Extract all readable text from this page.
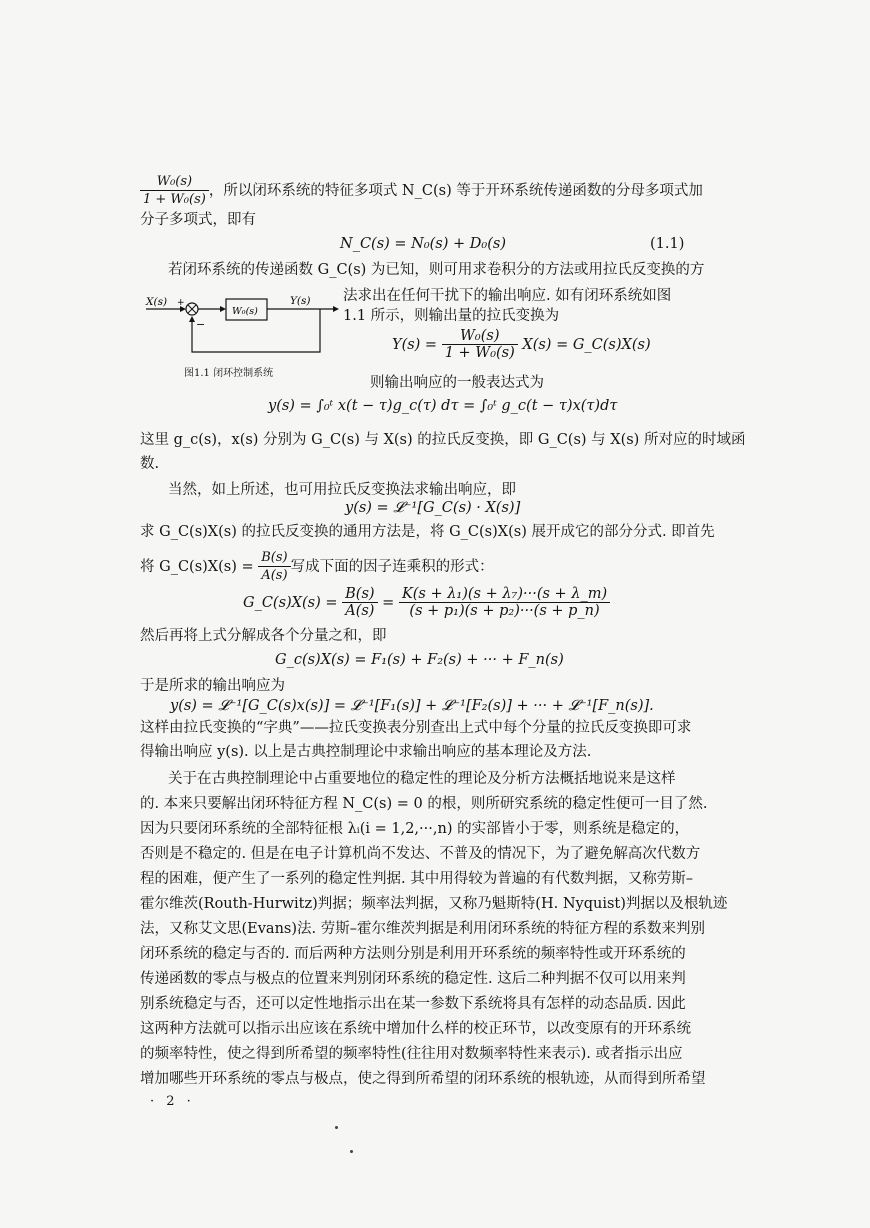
$\frac{\text{W₀(s)}}{\text{1 + W₀(s)}}$ ，所以闭环系统的特征多项式 N_C(s) 等于开环系统传递函数的分母多项式加
分子多项式，即有
N_C(s) = N₀(s) + D₀(s)	(1.1)
若闭环系统的传递函数 G_C(s) 为已知，则可用求卷积分的方法或用拉氏反变换的方
法求出在任何干扰下的输出响应. 如有闭环系统如图
1.1 所示，则输出量的拉氏变换为
X(s) +
W₀(s)
Y(s)
−
图1.1 闭环控制系统
$Y(s) = \frac{\text{W₀(s)}}{\text{1 + W₀(s)}} X(s)$ = G_C(s)X(s)
则输出响应的一般表达式为
y(s) = ∫₀ᵗ x(t − τ)g_c(τ) dτ = ∫₀ᵗ g_c(t − τ)x(τ)dτ
这里 g_c(s)，x(s) 分别为 G_C(s) 与 X(s) 的拉氏反变换，即 G_C(s) 与 X(s) 所对应的时域函
数.
当然，如上所述，也可用拉氏反变换法求输出响应，即
y(s) = 𝓛⁻¹[G_C(s) · X(s)]
求 G_C(s)X(s) 的拉氏反变换的通用方法是，将 G_C(s)X(s) 展开成它的部分分式. 即首先
将 G_C(s)X(s) = $\frac{B(s)}{A(s)}$ 写成下面的因子连乘积的形式：
G_C(s)X(s) = $\frac{B(s)}{A(s)} = \frac{\text{K(s + λ₁)(s + λ₇)···(s + λ\_m)}}{\text{(s + p₁)(s + p₂)···(s + p\_n)}}$
然后再将上式分解成各个分量之和，即
G_c(s)X(s) = F₁(s) + F₂(s) + ··· + F_n(s)
于是所求的输出响应为
y(s) = 𝓛⁻¹[G_C(s)x(s)] = 𝓛⁻¹[F₁(s)] + 𝓛⁻¹[F₂(s)] + ··· + 𝓛⁻¹[F_n(s)].
这样由拉氏变换的“字典”——拉氏变换表分别查出上式中每个分量的拉氏反变换即可求
得输出响应 y(s). 以上是古典控制理论中求输出响应的基本理论及方法.
关于在古典控制理论中占重要地位的稳定性的理论及分析方法概括地说来是这样
的. 本来只要解出闭环特征方程 N_C(s) = 0 的根，则所研究系统的稳定性便可一目了然.
因为只要闭环系统的全部特征根 λᵢ(i = 1,2,···,n) 的实部皆小于零，则系统是稳定的，
否则是不稳定的. 但是在电子计算机尚不发达、不普及的情况下，为了避免解高次代数方
程的困难，便产生了一系列的稳定性判据. 其中用得较为普遍的有代数判据，又称劳斯–
霍尔维茨(Routh-Hurwitz)判据；频率法判据，又称乃魁斯特(H. Nyquist)判据以及根轨迹
法，又称艾文思(Evans)法. 劳斯–霍尔维茨判据是利用闭环系统的特征方程的系数来判别
闭环系统的稳定与否的. 而后两种方法则分别是利用开环系统的频率特性或开环系统的
传递函数的零点与极点的位置来判别闭环系统的稳定性. 这后二种判据不仅可以用来判
别系统稳定与否，还可以定性地指示出在某一参数下系统将具有怎样的动态品质. 因此
这两种方法就可以指示出应该在系统中增加什么样的校正环节，以改变原有的开环系统
的频率特性，使之得到所希望的频率特性(往往用对数频率特性来表示). 或者指示出应
增加哪些开环系统的零点与极点，使之得到所希望的闭环系统的根轨迹，从而得到所希望
· 2 ·
